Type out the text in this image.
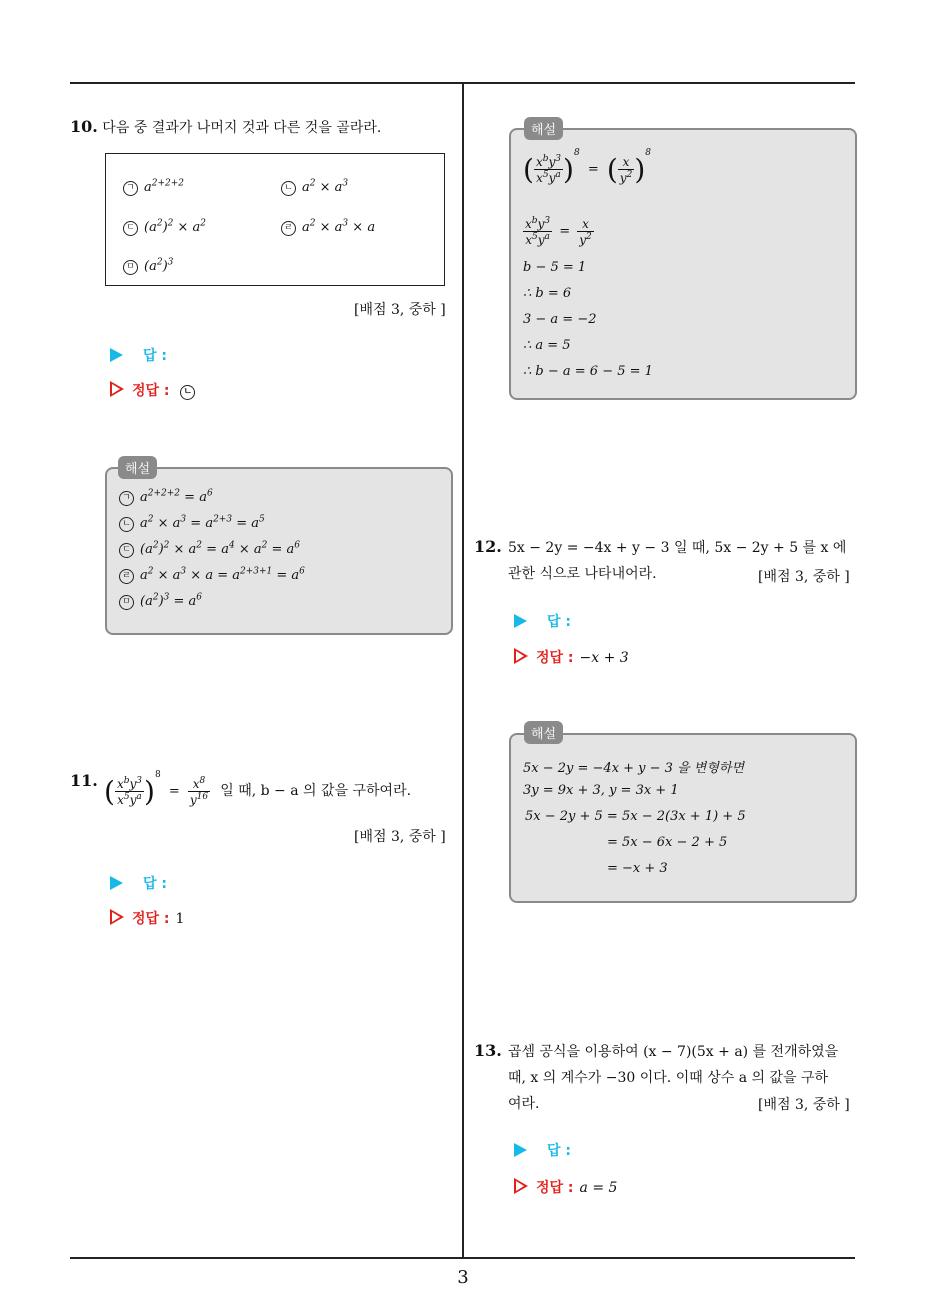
10. 다음 중 결과가 나머지 것과 다른 것을 골라라.
ㄱ $a^{2+2+2}$	ㄴ $a^2 \times a^3$
ㄷ $(a^2)^2 \times a^2$	ㄹ $a^2 \times a^3 \times a$
ㅁ $(a^2)^3$
[배점 3, 중하 ]
답 :
정답 : ㄴ
ㄱ $a^{2+2+2} = a^6$
ㄴ $a^2 \times a^3 = a^{2+3} = a^5$
ㄷ $(a^2)^2 \times a^2 = a^4 \times a^2 = a^6$
ㄹ $a^2 \times a^3 \times a = a^{2+3+1} = a^6$
ㅁ $(a^2)^3 = a^6$
해설
11. ( $\frac{x^by^3}{x^5y^a} )^8 = \frac{x^8}{y^{16}}$ 일 때, b − a 의 값을 구하여라.
[배점 3, 중하 ]
답 :
정답 : 1
( $\frac{x^by^3}{x^5y^a} )^8$ = ( $\frac{x}{y^2} )^8$
$\frac{x^by^3}{x^5y^a} = \frac{x}{y^2}$
b − 5 = 1
∴ b = 6
3 − a = −2
∴ a = 5
∴ b − a = 6 − 5 = 1
해설
12. 5x − 2y = −4x + y − 3 일 때, 5x − 2y + 5 를 x 에
관한 식으로 나타내어라.	[배점 3, 중하 ]
답 :
정답 : −x + 3
5x − 2y = −4x + y − 3 을 변형하면
3y = 9x + 3, y = 3x + 1
5x − 2y + 5 = 5x − 2(3x + 1) + 5
= 5x − 6x − 2 + 5
= −x + 3
해설
13. 곱셈 공식을 이용하여 (x − 7)(5x + a) 를 전개하였을
때, x 의 계수가 −30 이다. 이때 상수 a 의 값을 구하
여라.	[배점 3, 중하 ]
답 :
정답 : a = 5
3
